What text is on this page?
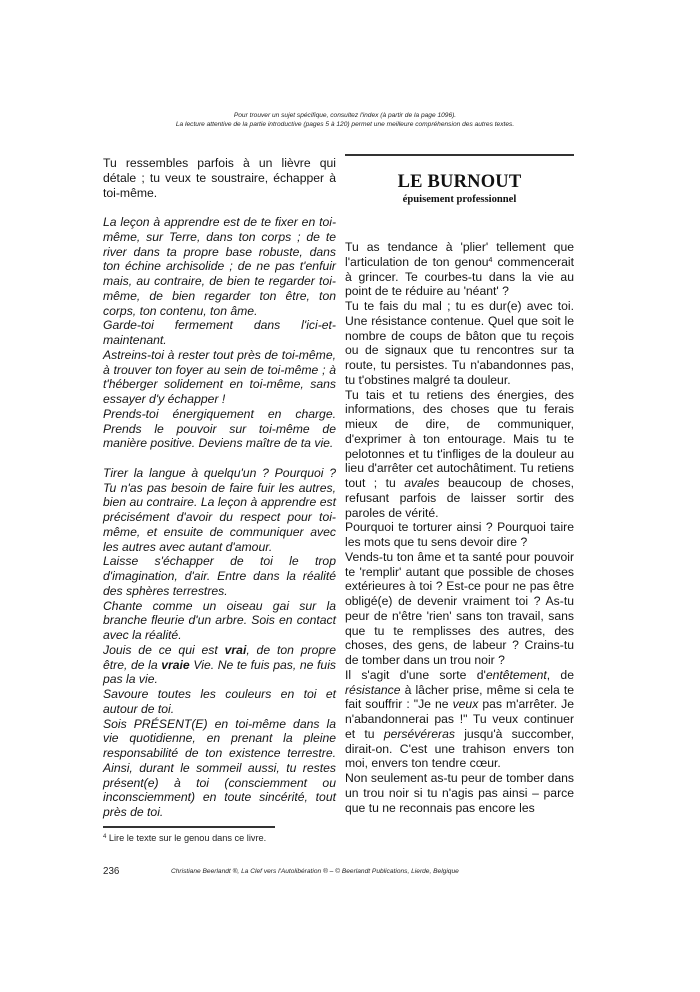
Pour trouver un sujet spécifique, consultez l'index (à partir de la page 1096).
La lecture attentive de la partie introductive (pages 5 à 120) permet une meilleure compréhension des autres textes.

Tu ressembles parfois à un lièvre qui détale ; tu veux te soustraire, échapper à toi-même.

La leçon à apprendre est de te fixer en toi-même, sur Terre, dans ton corps ; de te river dans ta propre base robuste, dans ton échine archisolide ; de ne pas t'enfuir mais, au contraire, de bien te regarder toi-même, de bien regarder ton être, ton corps, ton contenu, ton âme.

Garde-toi fermement dans l'ici-et-maintenant.

Astreins-toi à rester tout près de toi-même, à trouver ton foyer au sein de toi-même ; à t'héberger solidement en toi-même, sans essayer d'y échapper !

Prends-toi énergiquement en charge. Prends le pouvoir sur toi-même de manière positive. Deviens maître de ta vie.

Tirer la langue à quelqu'un ? Pourquoi ? Tu n'as pas besoin de faire fuir les autres, bien au contraire. La leçon à apprendre est précisément d'avoir du respect pour toi-même, et ensuite de communiquer avec les autres avec autant d'amour.

Laisse s'échapper de toi le trop d'imagination, d'air. Entre dans la réalité des sphères terrestres.

Chante comme un oiseau gai sur la branche fleurie d'un arbre. Sois en contact avec la réalité.

Jouis de ce qui est vrai, de ton propre être, de la vraie Vie. Ne te fuis pas, ne fuis pas la vie.

Savoure toutes les couleurs en toi et autour de toi.

Sois PRÉSENT(E) en toi-même dans la vie quotidienne, en prenant la pleine responsabilité de ton existence terrestre. Ainsi, durant le sommeil aussi, tu restes présent(e) à toi (consciemment ou inconsciemment) en toute sincérité, tout près de toi.

LE BURNOUT
épuisement professionnel

Tu as tendance à 'plier' tellement que l'articulation de ton genou$^4$ commencerait à grincer. Te courbes-tu dans la vie au point de te réduire au 'néant' ?

Tu te fais du mal ; tu es dur(e) avec toi. Une résistance contenue. Quel que soit le nombre de coups de bâton que tu reçois ou de signaux que tu rencontres sur ta route, tu persistes. Tu n'abandonnes pas, tu t'obstines malgré ta douleur.

Tu tais et tu retiens des énergies, des informations, des choses que tu ferais mieux de dire, de communiquer, d'exprimer à ton entourage. Mais tu te pelotonnes et tu t'infliges de la douleur au lieu d'arrêter cet autochâtiment. Tu retiens tout ; tu avales beaucoup de choses, refusant parfois de laisser sortir des paroles de vérité.

Pourquoi te torturer ainsi ? Pourquoi taire les mots que tu sens devoir dire ?

Vends-tu ton âme et ta santé pour pouvoir te 'remplir' autant que possible de choses extérieures à toi ? Est-ce pour ne pas être obligé(e) de devenir vraiment toi ? As-tu peur de n'être 'rien' sans ton travail, sans que tu te remplisses des autres, des choses, des gens, de labeur ? Crains-tu de tomber dans un trou noir ?

Il s'agit d'une sorte d'entêtement, de résistance à lâcher prise, même si cela te fait souffrir : "Je ne veux pas m'arrêter. Je n'abandonnerai pas !" Tu veux continuer et tu persévéreras jusqu'à succomber, dirait-on. C'est une trahison envers ton moi, envers ton tendre cœur.

Non seulement as-tu peur de tomber dans un trou noir si tu n'agis pas ainsi – parce que tu ne reconnais pas encore les

$^4$ Lire le texte sur le genou dans ce livre.
236	Christiane Beerlandt ®, La Clef vers l'Autolibération ® – © Beerlandt Publications, Lierde, Belgique
